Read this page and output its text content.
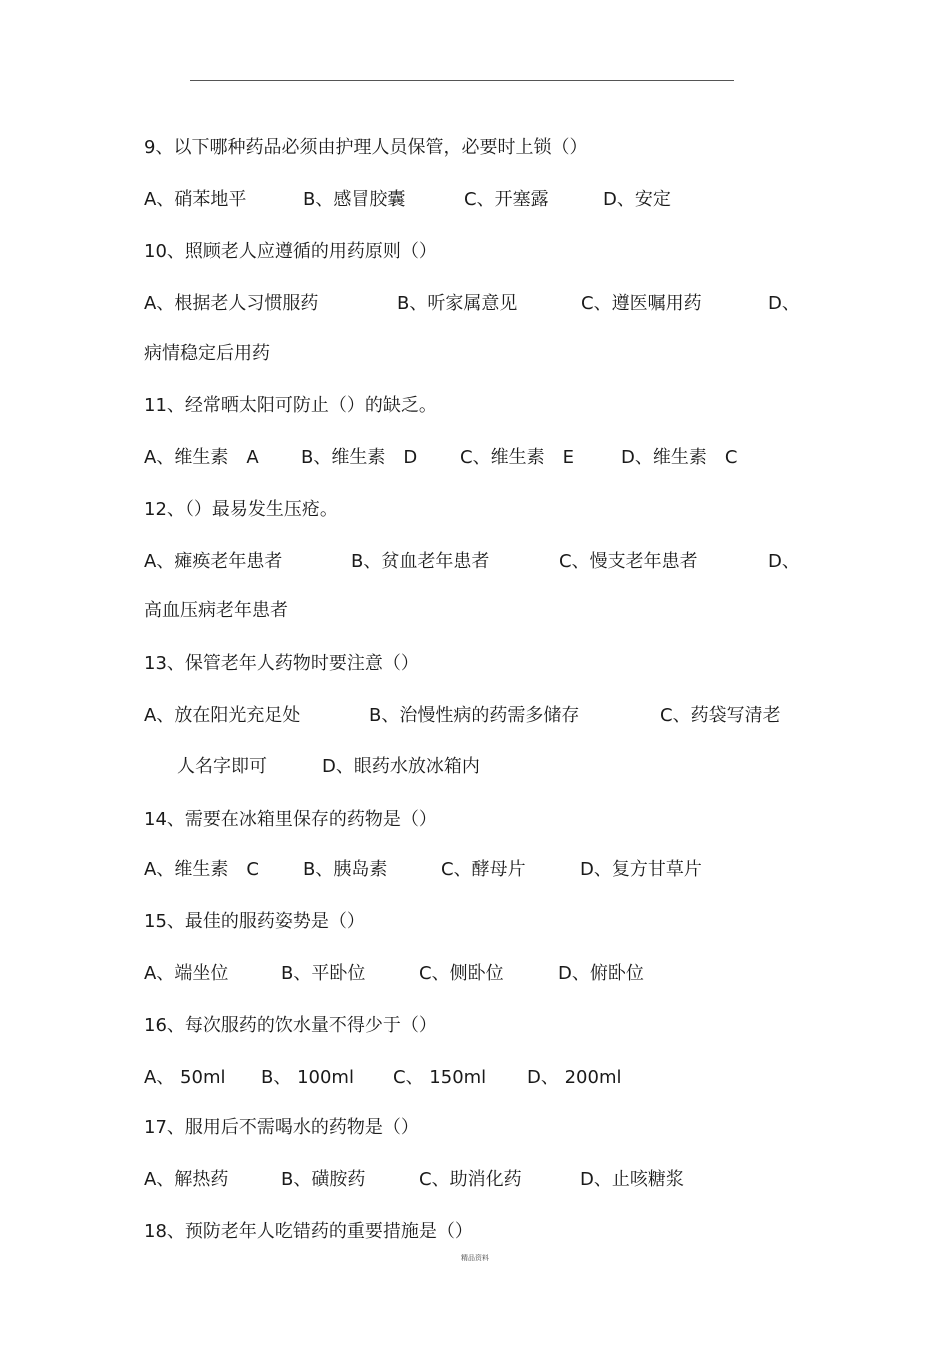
9、以下哪种药品必须由护理人员保管，必要时上锁（）
A、硝苯地平	B、感冒胶囊	C、开塞露	D、安定
10、照顾老人应遵循的用药原则（）
A、根据老人习惯服药	B、听家属意见	C、遵医嘱用药	D、
病情稳定后用药
11、经常晒太阳可防止（）的缺乏。
A、维生素　A B、维生素　D C、维生素　E	D、维生素　C
12、（）最易发生压疮。
A、瘫痪老年患者	B、贫血老年患者	C、慢支老年患者	D、
高血压病老年患者
13、保管老年人药物时要注意（）
A、放在阳光充足处	B、治慢性病的药需多储存	C、药袋写清老
人名字即可	D、眼药水放冰箱内
14、需要在冰箱里保存的药物是（）
A、维生素　C B、胰岛素	C、酵母片	D、复方甘草片
15、最佳的服药姿势是（）
A、端坐位	B、平卧位	C、侧卧位	D、俯卧位
16、每次服药的饮水量不得少于（）
A、 50ml B、 100ml C、 150ml D、 200ml
17、服用后不需喝水的药物是（）
A、解热药	B、磺胺药	C、助消化药	D、止咳糖浆
18、预防老年人吃错药的重要措施是（）
精品资料
